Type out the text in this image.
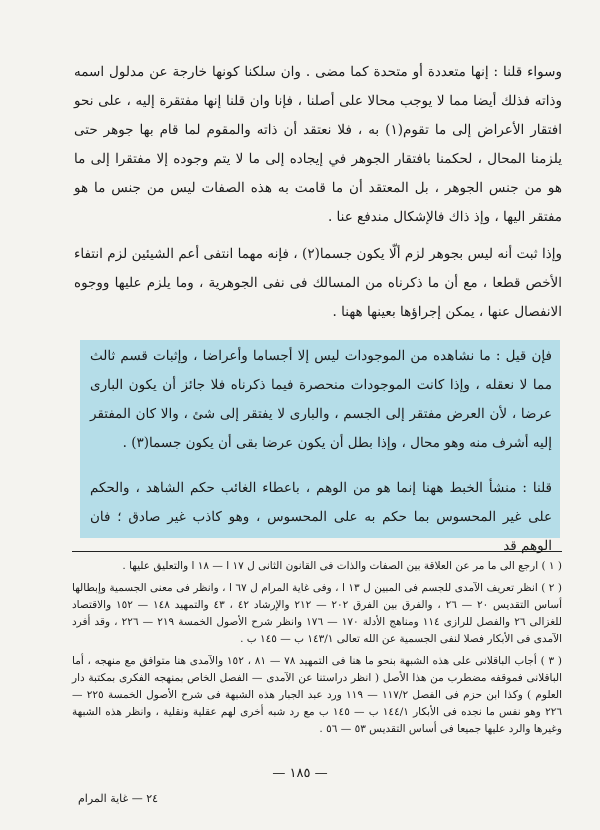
وسواء قلنا : إنها متعددة أو متحدة كما مضى . وان سلكنا كونها خارجة عن مدلول اسمه وذاته فذلك أيضا مما لا يوجب محالا على أصلنا ، فإنا وان قلنا إنها مفتقرة إليه ، على نحو افتقار الأعراض إلى ما تقوم(١) به ، فلا نعتقد أن ذاته والمقوم لما قام بها جوهر حتى يلزمنا المحال ، لحكمنا بافتقار الجوهر في إيجاده إلى ما لا يتم وجوده إلا مفتقرا إلى ما هو من جنس الجوهر ، بل المعتقد أن ما قامت به هذه الصفات ليس من جنس ما هو مفتقر اليها ، وإذ ذاك فالإشكال مندفع عنا .
وإذا ثبت أنه ليس بجوهر لزم ألّا يكون جسما(٢) ، فإنه مهما انتفى أعم الشيئين لزم انتفاء الأخص قطعا ، مع أن ما ذكرناه من المسالك فى نفى الجوهرية ، وما يلزم عليها ووجوه الانفصال عنها ، يمكن إجراؤها بعينها ههنا .
فإن قيل : ما نشاهده من الموجودات ليس إلا أجساما وأعراضا ، وإثبات قسم ثالث مما لا نعقله ، وإذا كانت الموجودات منحصرة فيما ذكرناه فلا جائز أن يكون البارى عرضا ، لأن العرض مفتقر إلى الجسم ، والبارى لا يفتقر إلى شئ ، والا كان المفتقر إليه أشرف منه وهو محال ، وإذا بطل أن يكون عرضا بقى أن يكون جسما(٣) .
قلنا : منشأ الخبط ههنا إنما هو من الوهم ، باعطاء الغائب حكم الشاهد ، والحكم على غير المحسوس بما حكم به على المحسوس ، وهو كاذب غير صادق ؛ فان الوهم قد

( ١ ) ارجع الى ما مر عن العلاقة بين الصفات والذات فى القانون الثانى ل ١٧ ا — ١٨ ا والتعليق عليها .

( ٢ ) انظر تعريف الآمدى للجسم فى المبين ل ١٣ ا ، وفى غاية المرام ل ٦٧ ا ، وانظر فى معنى الجسمية وإبطالها أساس التقديس ٢٠ — ٢٦ ، والفرق بين الفرق ٢٠٢ — ٢١٢ والإرشاد ٤٢ ، ٤٣ والتمهيد ١٤٨ — ١٥٢ والاقتصاد للغزالى ٢٦ والفصل للرازى ١١٤ ومناهج الأدلة ١٧٠ — ١٧٦ وانظر شرح الأصول الخمسة ٢١٩ — ٢٢٦ ، وقد أفرد الآمدى فى الأبكار فصلا لنفى الجسمية عن الله تعالى ١٤٣/١ ب — ١٤٥ ب .

( ٣ ) أجاب الباقلانى على هذه الشبهة بنحو ما هنا فى التمهيد ٧٨ — ٨١ ، ١٥٢ والآمدى هنا متوافق مع منهجه ، أما الباقلانى فموقفه مضطرب من هذا الأصل ( انظر دراستنا عن الآمدى — الفصل الخاص بمنهجه الفكرى بمكتبة دار العلوم ) وكذا ابن حزم فى الفصل ١١٧/٢ — ١١٩ ورد عبد الجبار هذه الشبهة فى شرح الأصول الخمسة ٢٢٥ — ٢٢٦ وهو نفس ما نجده فى الأبكار ١٤٤/١ ب — ١٤٥ ب مع رد شبه أخرى لهم عقلية ونقلية ، وانظر هذه الشبهة وغيرها والرد عليها جميعا فى أساس التقديس ٥٣ — ٥٦ .

— ١٨٥ —
٢٤ — غاية المرام
